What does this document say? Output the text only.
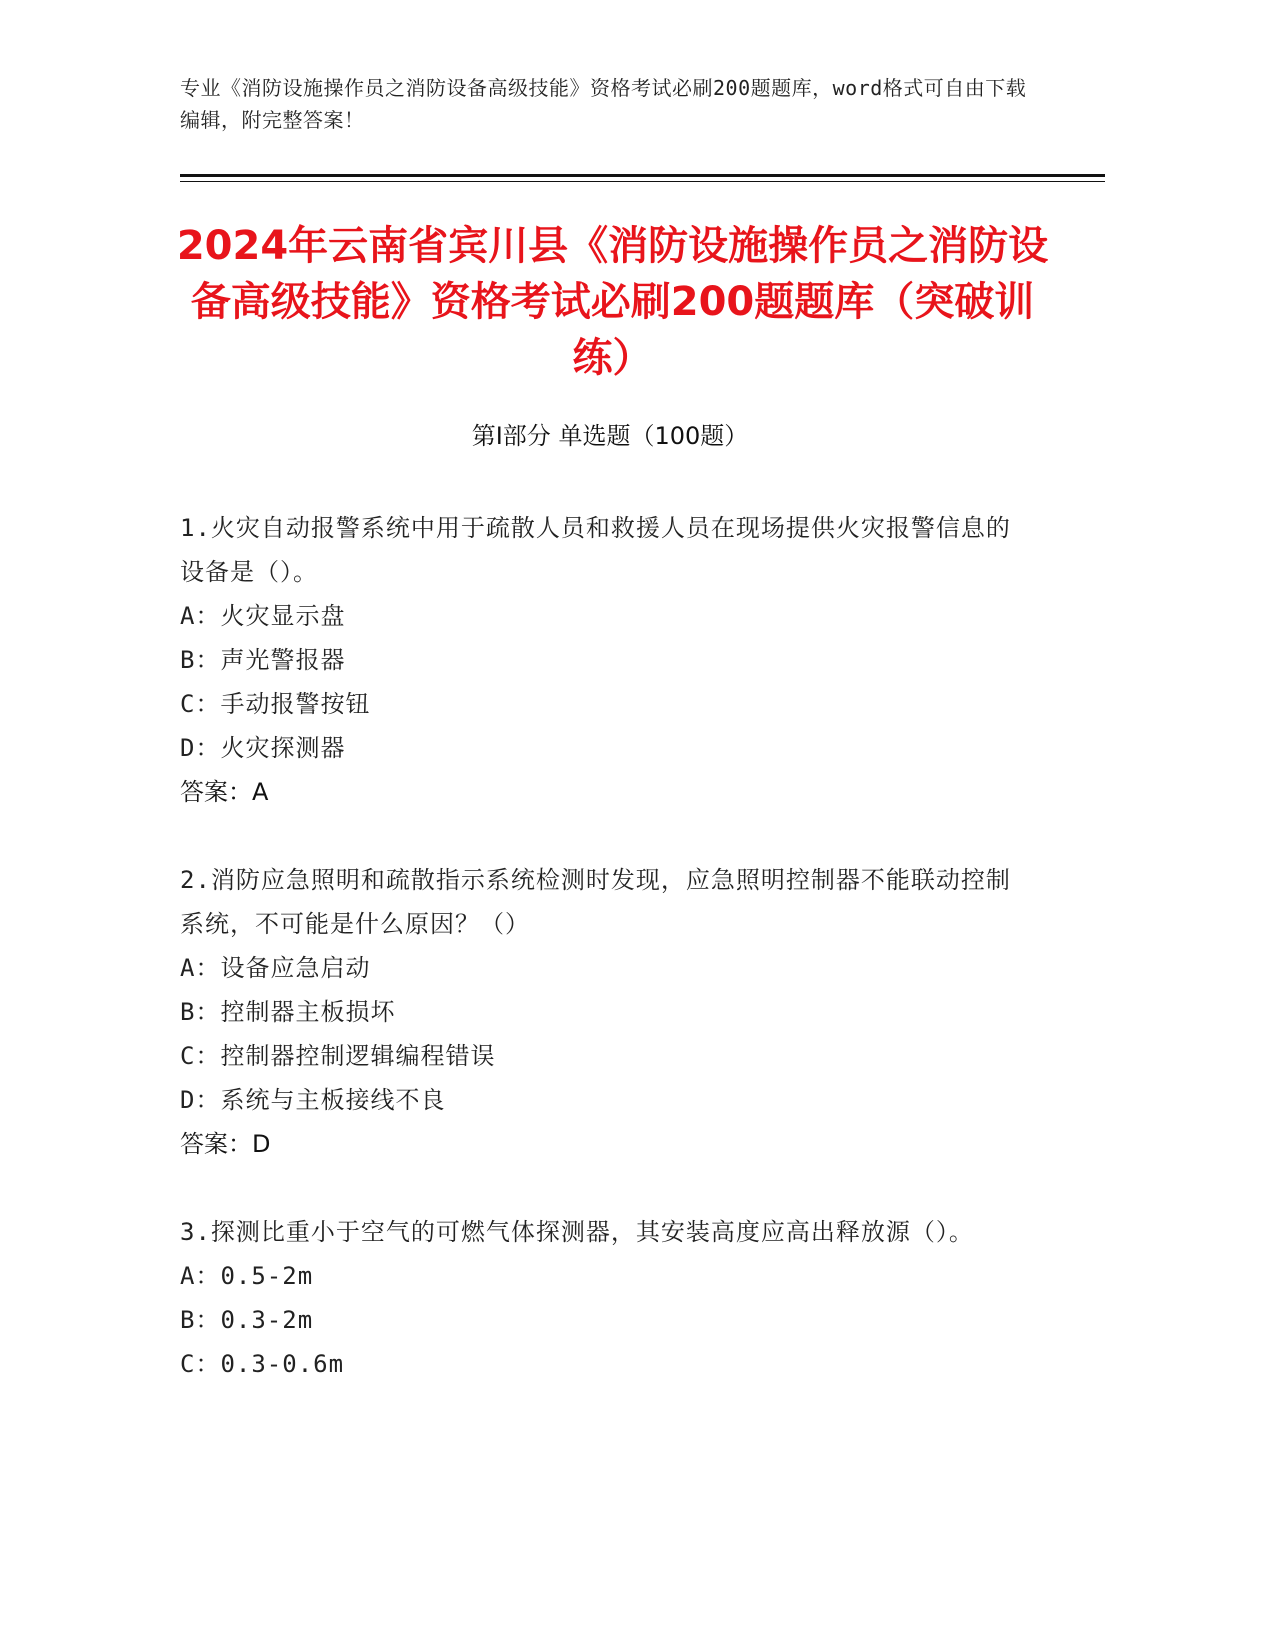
专业《消防设施操作员之消防设备高级技能》资格考试必刷200题题库，word格式可自由下载编辑，附完整答案！
2024年云南省宾川县《消防设施操作员之消防设备高级技能》资格考试必刷200题题库（突破训练）
第Ⅰ部分 单选题（100题）
1.火灾自动报警系统中用于疏散人员和救援人员在现场提供火灾报警信息的设备是（）。
A：火灾显示盘
B：声光警报器
C：手动报警按钮
D：火灾探测器
答案：A
2.消防应急照明和疏散指示系统检测时发现，应急照明控制器不能联动控制系统，不可能是什么原因？（）
A：设备应急启动
B：控制器主板损坏
C：控制器控制逻辑编程错误
D：系统与主板接线不良
答案：D
3.探测比重小于空气的可燃气体探测器，其安装高度应高出释放源（）。
A：0.5-2m
B：0.3-2m
C：0.3-0.6m
